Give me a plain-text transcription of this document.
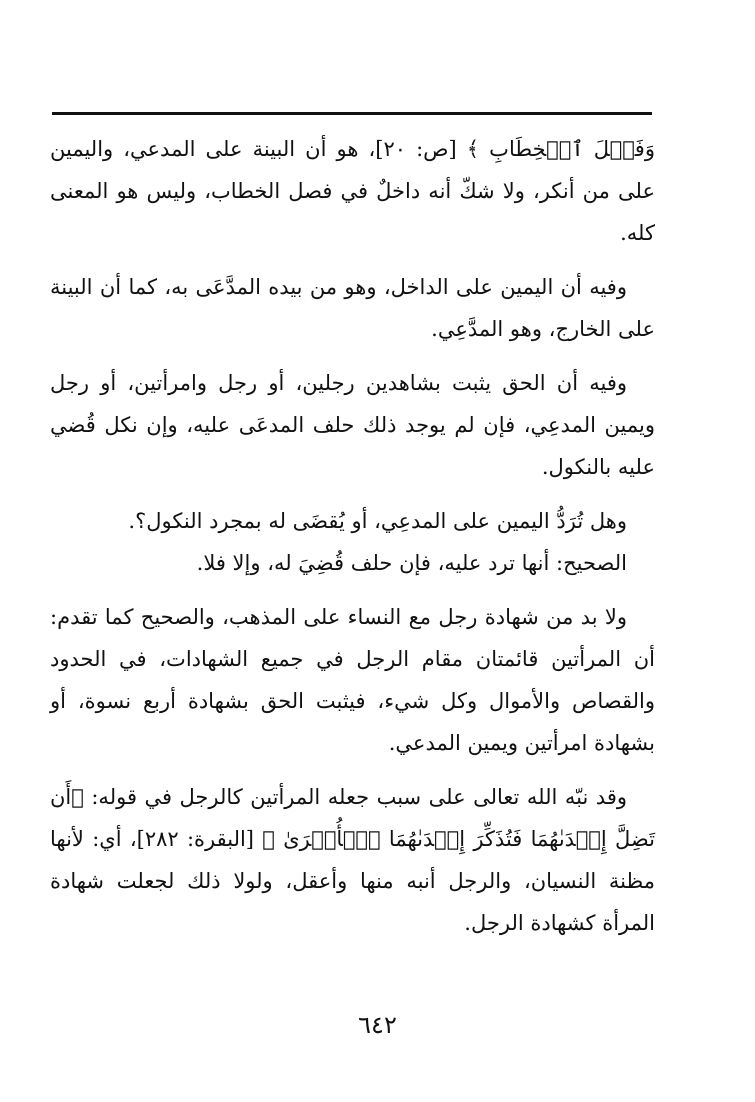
وَفَصۡلَ ٱلۡخِطَابِ ﴾ [ص: ٢٠]، هو أن البينة على المدعي، واليمين على من أنكر، ولا شكّ أنه داخلٌ في فصل الخطاب، وليس هو المعنى كله.

وفيه أن اليمين على الداخل، وهو من بيده المدَّعَى به، كما أن البينة على الخارج، وهو المدَّعِي.

وفيه أن الحق يثبت بشاهدين رجلين، أو رجل وامرأتين، أو رجل ويمين المدعِي، فإن لم يوجد ذلك حلف المدعَى عليه، وإن نكل قُضي عليه بالنكول.

وهل تُرَدُّ اليمين على المدعِي، أو يُقضَى له بمجرد النكول؟.

الصحيح: أنها ترد عليه، فإن حلف قُضِيَ له، وإلا فلا.

ولا بد من شهادة رجل مع النساء على المذهب، والصحيح كما تقدم: أن المرأتين قائمتان مقام الرجل في جميع الشهادات، في الحدود والقصاص والأموال وكل شيء، فيثبت الحق بشهادة أربع نسوة، أو بشهادة امرأتين ويمين المدعي.

وقد نبّه الله تعالى على سبب جعله المرأتين كالرجل في قوله: ﴿أَن تَضِلَّ إِحۡدَىٰهُمَا فَتُذَكِّرَ إِحۡدَىٰهُمَا ٱلۡأُخۡرَىٰ ﴾ [البقرة: ٢٨٢]، أي: لأنها مظنة النسيان، والرجل أنبه منها وأعقل، ولولا ذلك لجعلت شهادة المرأة كشهادة الرجل.

٦٤٢
